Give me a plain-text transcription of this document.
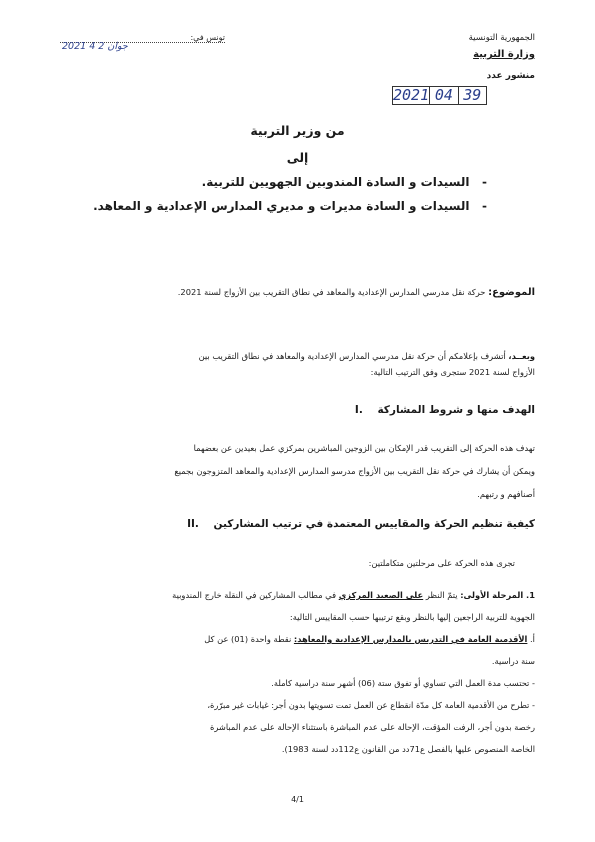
الجمهورية التونسية
وزارة التربية
منشور عدد
2021 04 39
تونس في:
2021 جوان 2 4
من وزير التربية
إلى
-   السيدات و السادة المندوبين الجهويين للتربية.
-   السيدات و السادة مديرات و مديري المدارس الإعدادية و المعاهد.
الموضوع: حركة نقل مدرسي المدارس الإعدادية والمعاهد في نطاق التقريب بين الأزواج لسنة 2021.
وبعــد، أتشرف بإعلامكم أن حركة نقل مدرسي المدارس الإعدادية والمعاهد في نطاق التقريب بين
الأزواج لسنة 2021 ستجرى وفق الترتيب التالية:
I. الهدف منها و شروط المشاركة
تهدف هذه الحركة إلى التقريب قدر الإمكان بين الزوجين المباشرين بمركزي عمل بعيدين عن بعضهما
ويمكن أن يشارك في حركة نقل التقريب بين الأزواج مدرسو المدارس الإعدادية والمعاهد المتزوجون بجميع
أصنافهم و رتبهم.
II. كيفية تنظيم الحركة والمقاييس المعتمدة في ترتيب المشاركين
تجرى هذه الحركة على مرحلتين متكاملتين:
1. المرحلة الأولى: يتمّ النظر على الصعيد المركزي في مطالب المشاركين في النقلة خارج المندوبية
الجهوية للتربية الراجعين إليها بالنظر وبقع ترتيبها حسب المقاييس التالية:
أ. الأقدمية العامة في التدريس بالمدارس الإعدادية والمعاهد: نقطة واحدة (01) عن كل
سنة دراسية.
- تحتسب مدة العمل التي تساوي أو تفوق ستة (06) أشهر سنة دراسية كاملة.
- تطرح من الأقدمية العامة كل مدّة انقطاع عن العمل تمت تسويتها بدون أجر: غيابات غير مبرّرة،
رخصة بدون أجر، الرفت المؤقت، الإحالة على عدم المباشرة باستثناء الإحالة على عدم المباشرة
الخاصة المنصوص عليها بالفصل ع71دد من القانون ع112دد لسنة 1983).
4/1
